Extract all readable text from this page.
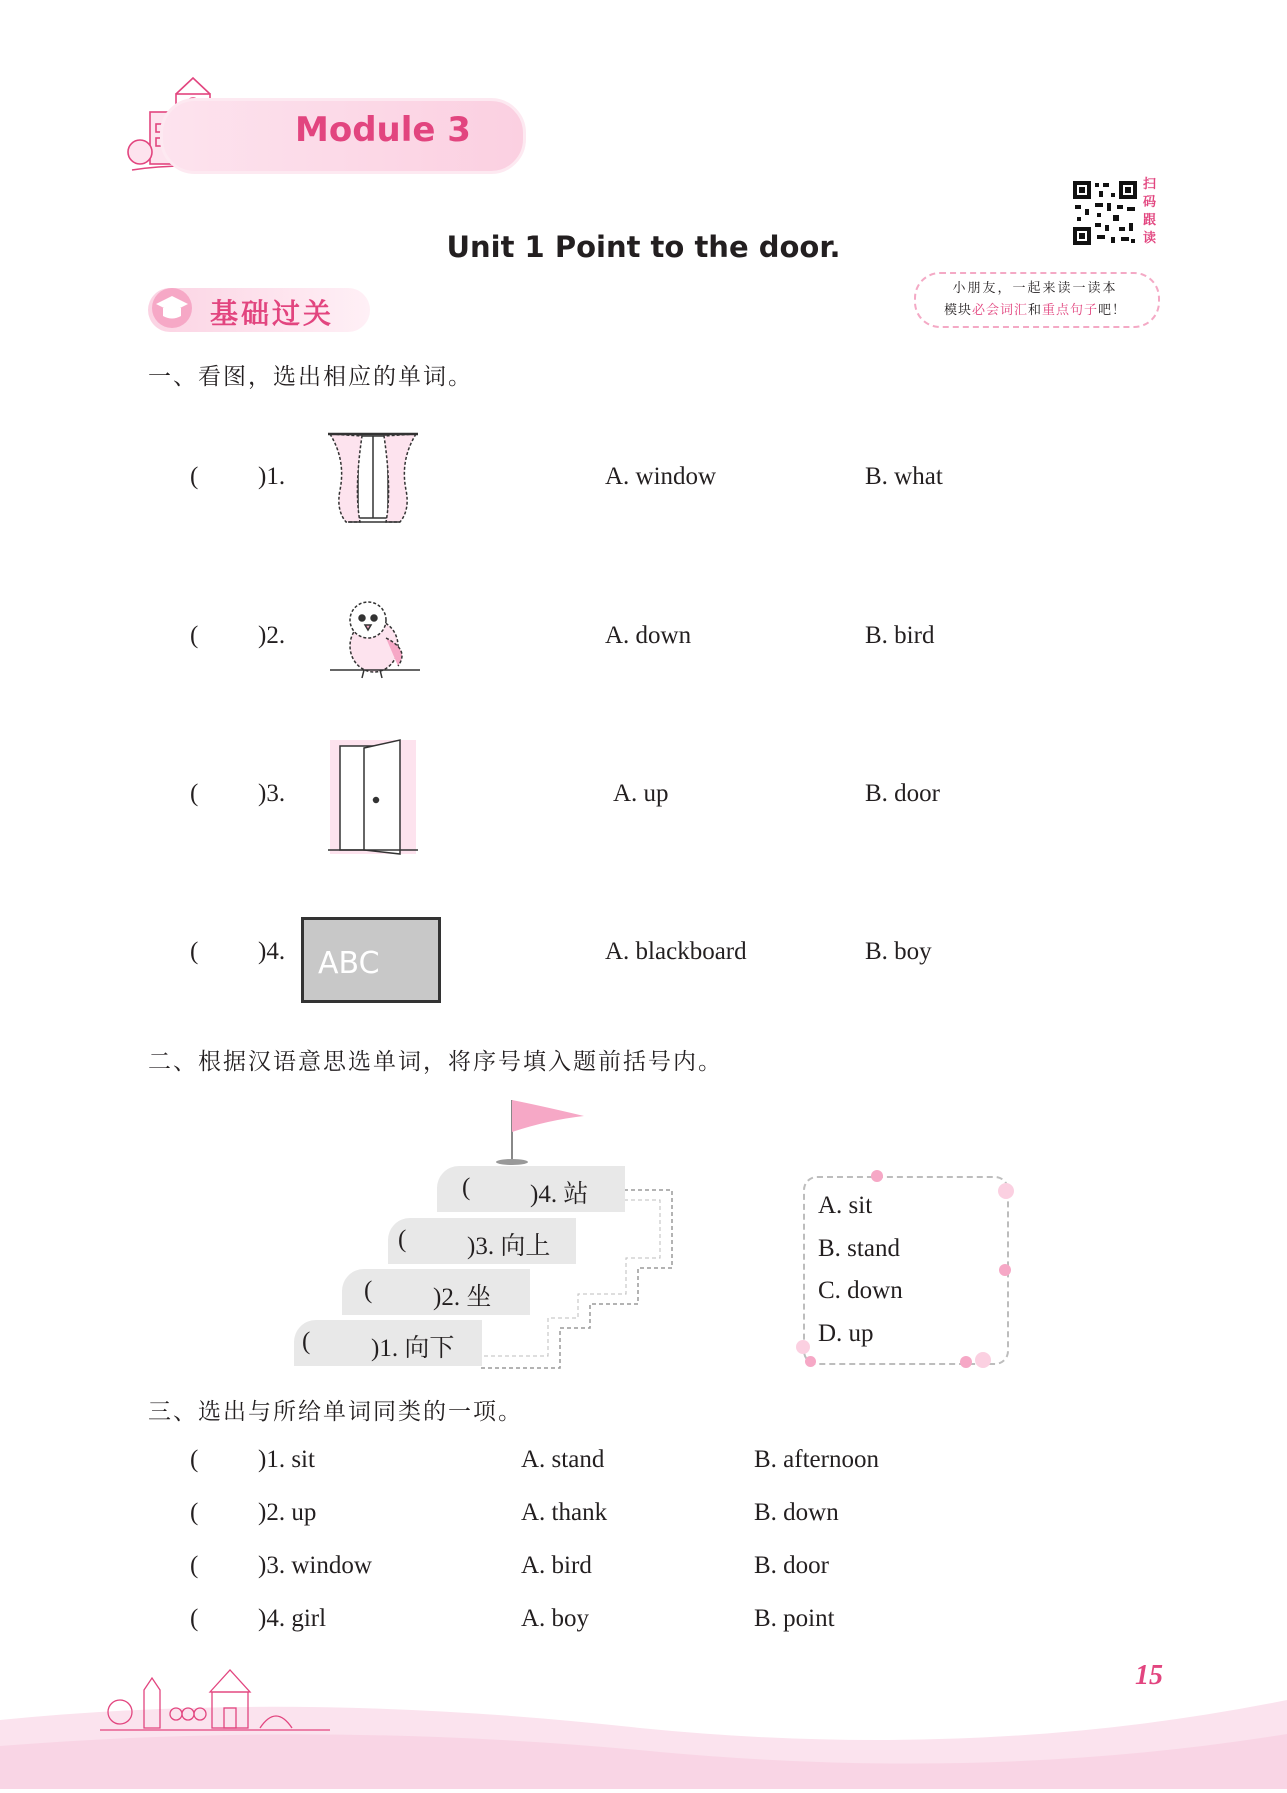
Module 3
扫
码
跟
读
Unit 1 Point to the door.
基础过关
小朋友，一起来读一读本
模块必会词汇和重点句子吧！
一、看图，选出相应的单词。
( )1.	A. window	B. what
( )2.	A. down	B. bird
( )3.	A. up	B. door
( )4. ABC	A. blackboard	B. boy
二、根据汉语意思选单词，将序号填入题前括号内。
( )4. 站
( )3. 向上
( )2. 坐
( )1. 向下
A. sit
B. stand
C. down
D. up
三、选出与所给单词同类的一项。
( )1. sit	A. stand	B. afternoon
( )2. up	A. thank	B. down
( )3. window	A. bird	B. door
( )4. girl	A. boy	B. point
15
